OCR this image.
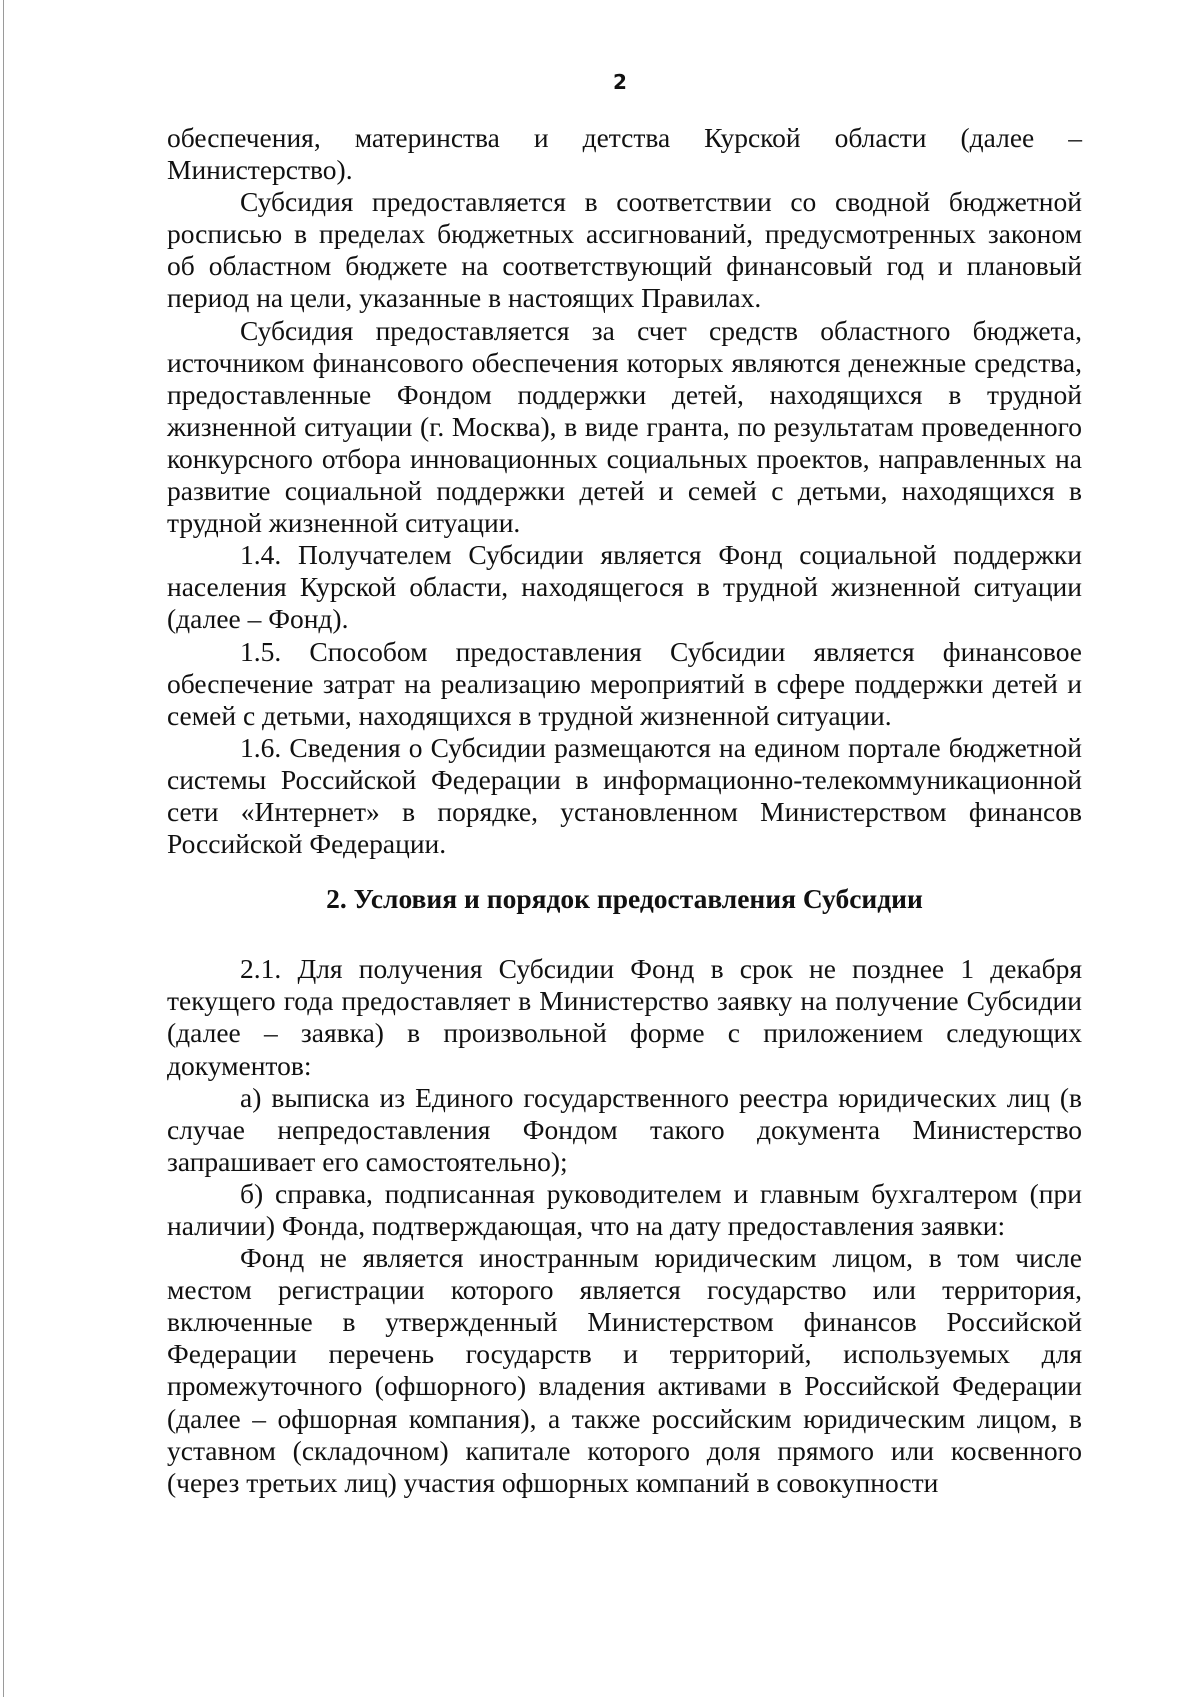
2

обеспечения, материнства и детства Курской области (далее – Министерство).

Субсидия предоставляется в соответствии со сводной бюджетной росписью в пределах бюджетных ассигнований, предусмотренных законом об областном бюджете на соответствующий финансовый год и плановый период на цели, указанные в настоящих Правилах.

Субсидия предоставляется за счет средств областного бюджета, источником финансового обеспечения которых являются денежные средства, предоставленные Фондом поддержки детей, находящихся в трудной жизненной ситуации (г. Москва), в виде гранта, по результатам проведенного конкурсного отбора инновационных социальных проектов, направленных на развитие социальной поддержки детей и семей с детьми, находящихся в трудной жизненной ситуации.

1.4. Получателем Субсидии является Фонд социальной поддержки населения Курской области, находящегося в трудной жизненной ситуации (далее – Фонд).

1.5. Способом предоставления Субсидии является финансовое обеспечение затрат на реализацию мероприятий в сфере поддержки детей и семей с детьми, находящихся в трудной жизненной ситуации.

1.6. Сведения о Субсидии размещаются на едином портале бюджетной системы Российской Федерации в информационно-телекоммуникационной сети «Интернет» в порядке, установленном Министерством финансов Российской Федерации.

2. Условия и порядок предоставления Субсидии

2.1. Для получения Субсидии Фонд в срок не позднее 1 декабря текущего года предоставляет в Министерство заявку на получение Субсидии (далее – заявка) в произвольной форме с приложением следующих документов:

а) выписка из Единого государственного реестра юридических лиц (в случае непредоставления Фондом такого документа Министерство запрашивает его самостоятельно);

б) справка, подписанная руководителем и главным бухгалтером (при наличии) Фонда, подтверждающая, что на дату предоставления заявки:

Фонд не является иностранным юридическим лицом, в том числе местом регистрации которого является государство или территория, включенные в утвержденный Министерством финансов Российской Федерации перечень государств и территорий, используемых для промежуточного (офшорного) владения активами в Российской Федерации (далее – офшорная компания), а также российским юридическим лицом, в уставном (складочном) капитале которого доля прямого или косвенного (через третьих лиц) участия офшорных компаний в совокупности
